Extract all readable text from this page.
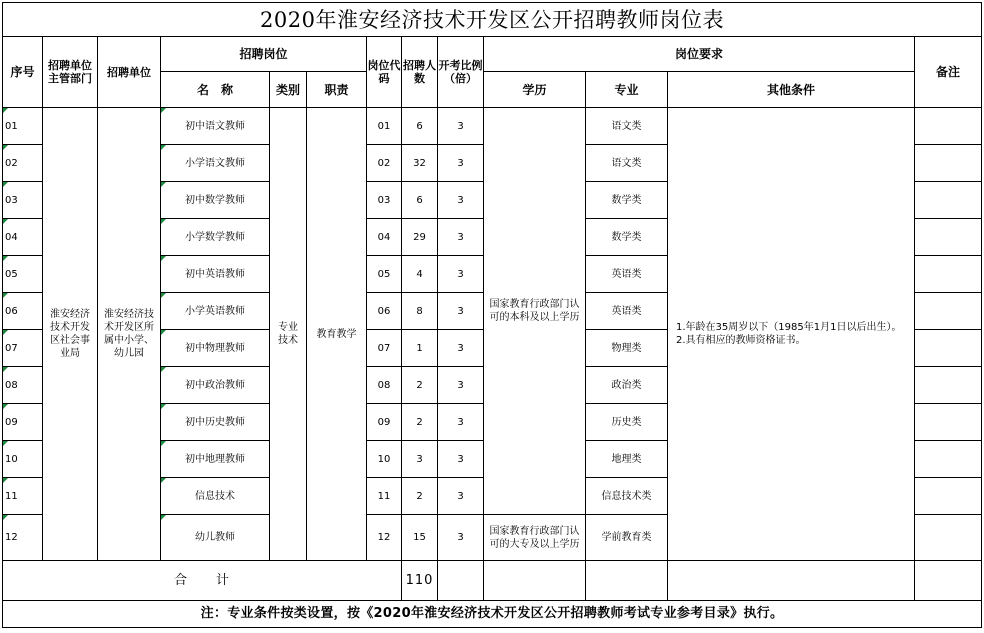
2020年淮安经济技术开发区公开招聘教师岗位表												
序号	招聘单位主管部门	招聘单位	招聘岗位			岗位代码	招聘人数	开考比例（倍）	岗位要求			备注
			名　称	类别	职责				学历	专业	其他条件	
01	淮安经济技术开发区社会事业局	淮安经济技术开发区所属中小学、幼儿园	初中语文教师	专业技术	教育教学	01	6	3	国家教育行政部门认可的本科及以上学历	语文类	1.年龄在35周岁以下（1985年1月1日以后出生）。2.具有相应的教师资格证书。	
02			小学语文教师			02	32	3		语文类		
03			初中数学教师			03	6	3		数学类		
04			小学数学教师			04	29	3		数学类		
05			初中英语教师			05	4	3		英语类		
06			小学英语教师			06	8	3		英语类		
07			初中物理教师			07	1	3		物理类		
08			初中政治教师			08	2	3		政治类		
09			初中历史教师			09	2	3		历史类		
10			初中地理教师			10	3	3		地理类		
11			信息技术			11	2	3		信息技术类		
12			幼儿教师			12	15	3	国家教育行政部门认可的大专及以上学历	学前教育类		
合　　计							110					
注：专业条件按类设置，按《2020年淮安经济技术开发区公开招聘教师考试专业参考目录》执行。												
